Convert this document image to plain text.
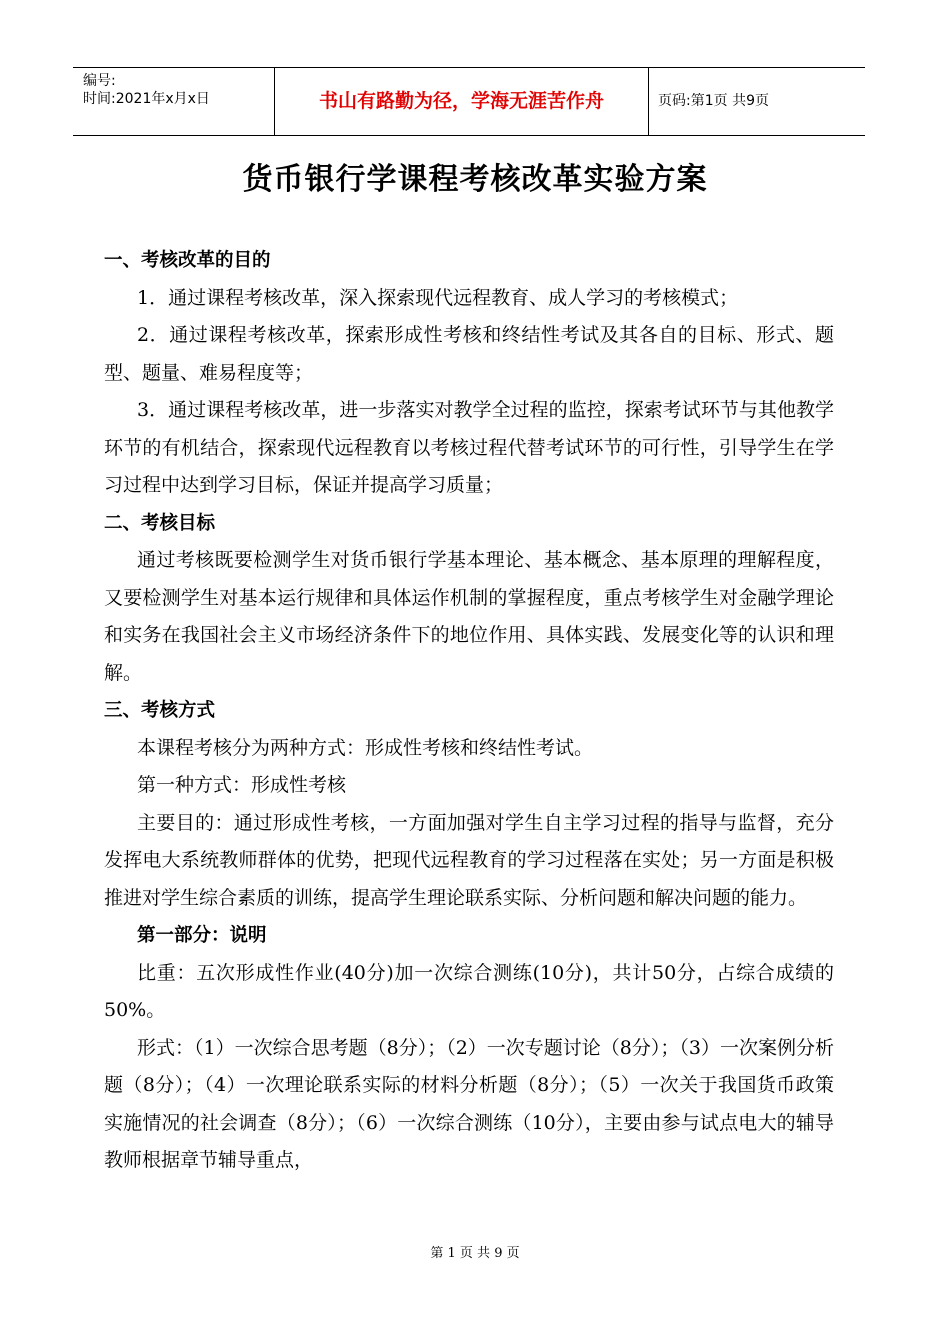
编号:
时间:2021年x月x日	书山有路勤为径，学海无涯苦作舟	页码:第1页 共9页
货币银行学课程考核改革实验方案

一、考核改革的目的

1．通过课程考核改革，深入探索现代远程教育、成人学习的考核模式；

2．通过课程考核改革，探索形成性考核和终结性考试及其各自的目标、形式、题型、题量、难易程度等；

3．通过课程考核改革，进一步落实对教学全过程的监控，探索考试环节与其他教学环节的有机结合，探索现代远程教育以考核过程代替考试环节的可行性，引导学生在学习过程中达到学习目标，保证并提高学习质量；

二、考核目标

通过考核既要检测学生对货币银行学基本理论、基本概念、基本原理的理解程度，又要检测学生对基本运行规律和具体运作机制的掌握程度，重点考核学生对金融学理论和实务在我国社会主义市场经济条件下的地位作用、具体实践、发展变化等的认识和理解。

三、考核方式

本课程考核分为两种方式：形成性考核和终结性考试。

第一种方式：形成性考核

主要目的：通过形成性考核，一方面加强对学生自主学习过程的指导与监督，充分发挥电大系统教师群体的优势，把现代远程教育的学习过程落在实处；另一方面是积极推进对学生综合素质的训练，提高学生理论联系实际、分析问题和解决问题的能力。

第一部分：说明

比重：五次形成性作业(40分)加一次综合测练(10分)，共计50分，占综合成绩的50%。

形式：（1）一次综合思考题（8分）；（2）一次专题讨论（8分）；（3）一次案例分析题（8分）；（4）一次理论联系实际的材料分析题（8分）；（5）一次关于我国货币政策实施情况的社会调查（8分）；（6）一次综合测练（10分），主要由参与试点电大的辅导教师根据章节辅导重点，

第 1 页 共 9 页
